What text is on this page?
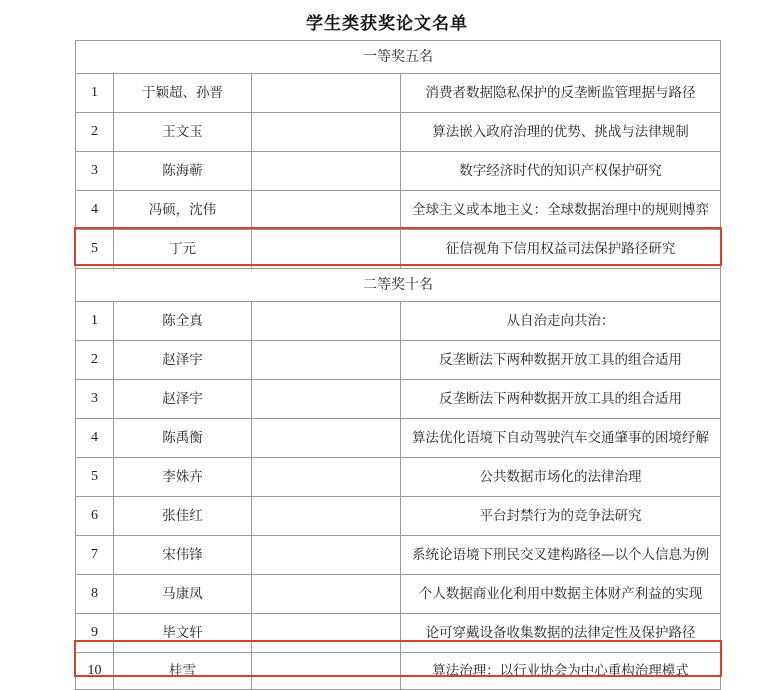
学生类获奖论文名单
一等奖五名			
1	于颖超、孙晋		消费者数据隐私保护的反垄断监管理据与路径
2	王文玉		算法嵌入政府治理的优势、挑战与法律规制
3	陈海蕲		数字经济时代的知识产权保护研究
4	冯硕，沈伟		全球主义或本地主义：全球数据治理中的规则博弈
5	丁元		征信视角下信用权益司法保护路径研究
二等奖十名			
1	陈全真		从自治走向共治：
2	赵泽宇		反垄断法下两种数据开放工具的组合适用
3	赵泽宇		反垄断法下两种数据开放工具的组合适用
4	陈禹衡		算法优化语境下自动驾驶汽车交通肇事的困境纾解
5	李姝卉		公共数据市场化的法律治理
6	张佳红		平台封禁行为的竞争法研究
7	宋伟锋		系统论语境下刑民交叉建构路径—以个人信息为例
8	马康凤		个人数据商业化利用中数据主体财产利益的实现
9	毕文轩		论可穿戴设备收集数据的法律定性及保护路径
10	桂雪		算法治理：以行业协会为中心重构治理模式
